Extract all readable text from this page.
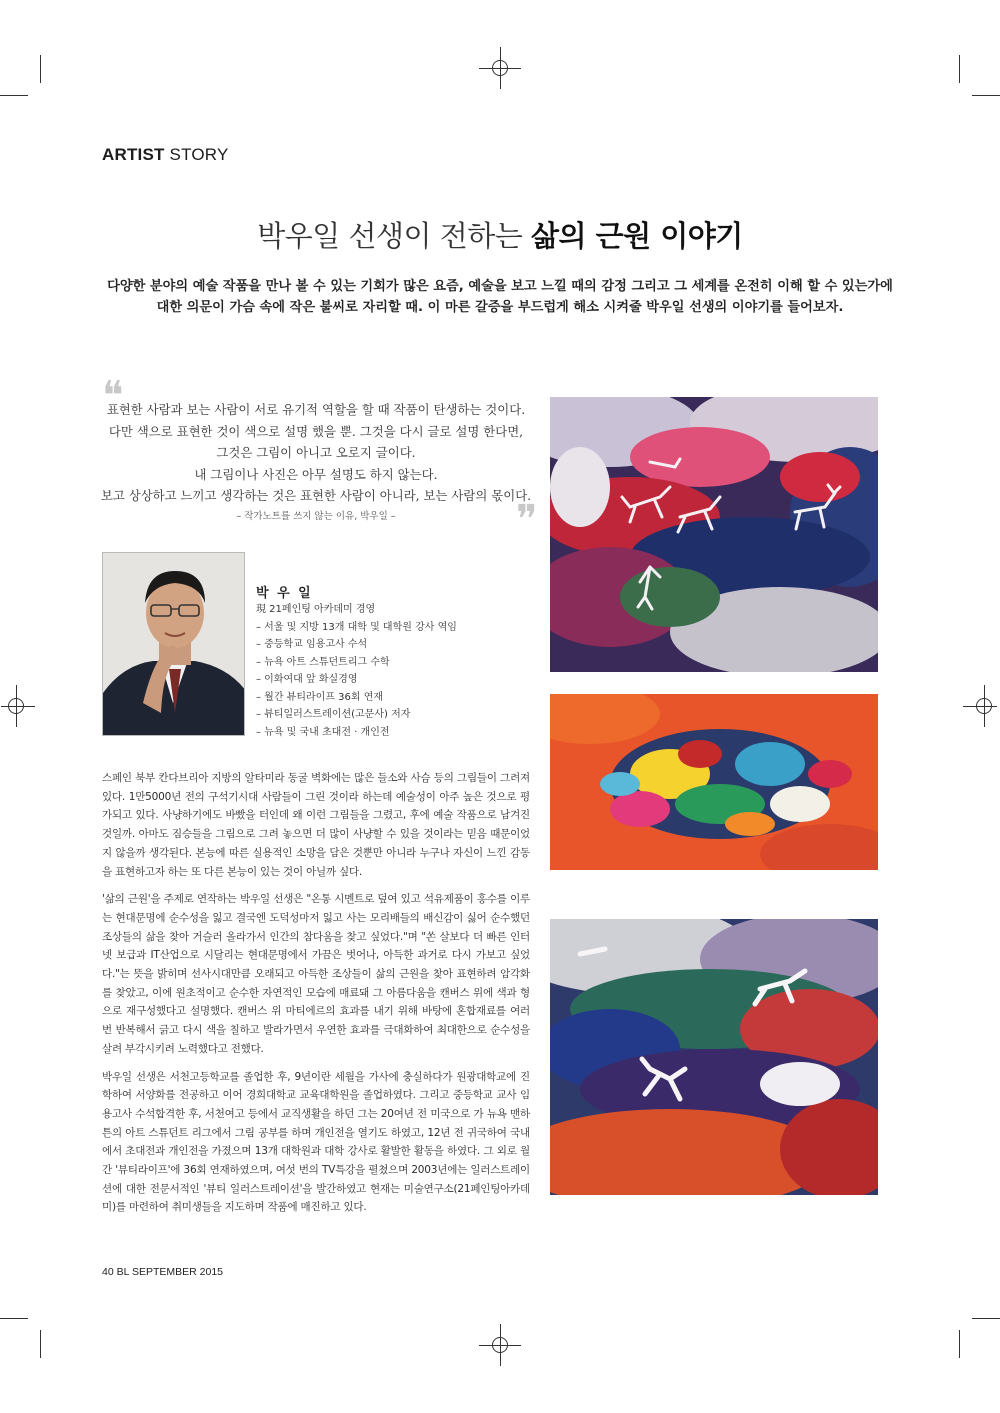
ARTIST STORY
박우일 선생이 전하는 삶의 근원 이야기
다양한 분야의 예술 작품을 만나 볼 수 있는 기회가 많은 요즘, 예술을 보고 느낄 때의 감정 그리고 그 세계를 온전히 이해 할 수 있는가에
대한 의문이 가슴 속에 작은 불씨로 자리할 때. 이 마른 갈증을 부드럽게 해소 시켜줄 박우일 선생의 이야기를 들어보자.
❝
표현한 사람과 보는 사람이 서로 유기적 역할을 할 때 작품이 탄생하는 것이다.
다만 색으로 표현한 것이 색으로 설명 했을 뿐. 그것을 다시 글로 설명 한다면,
그것은 그림이 아니고 오로지 글이다.
내 그림이나 사진은 아무 설명도 하지 않는다.
보고 상상하고 느끼고 생각하는 것은 표현한 사람이 아니라, 보는 사람의 몫이다.
– 작가노트를 쓰지 않는 이유, 박우일 –	❞
박 우 일
現 21페인팅 아카데미 경영
– 서울 및 지방 13개 대학 및 대학원 강사 역임
– 중등학교 임용고사 수석
– 뉴욕 아트 스튜던트리그 수학
– 이화여대 앞 화실경영
– 월간 뷰티라이프 36회 연재
– 뷰티일러스트레이션(고문사) 저자
– 뉴욕 및 국내 초대전 · 개인전

스페인 북부 칸다브리아 지방의 알타미라 동굴 벽화에는 많은 들소와 사슴 등의 그림들이 그려져 있다. 1만5000년 전의 구석기시대 사람들이 그린 것이라 하는데 예술성이 아주 높은 것으로 평가되고 있다. 사냥하기에도 바빴을 터인데 왜 이런 그림들을 그렸고, 후에 예술 작품으로 남겨진 것일까. 아마도 짐승들을 그림으로 그려 놓으면 더 많이 사냥할 수 있을 것이라는 믿음 때문이었지 않을까 생각된다. 본능에 따른 실용적인 소망을 담은 것뿐만 아니라 누구나 자신이 느낀 감동을 표현하고자 하는 또 다른 본능이 있는 것이 아닐까 싶다.

'삶의 근원'을 주제로 연작하는 박우일 선생은 "온통 시멘트로 덮여 있고 석유제품이 홍수를 이루는 현대문명에 순수성을 잃고 결국엔 도덕성마저 잃고 사는 모리배들의 배신감이 싫어 순수했던 조상들의 삶을 찾아 거슬러 올라가서 인간의 참다움을 찾고 싶었다."며 "쏜 살보다 더 빠른 인터넷 보급과 IT산업으로 시달리는 현대문명에서 가끔은 벗어나, 아득한 과거로 다시 가보고 싶었다."는 뜻을 밝히며 선사시대만큼 오래되고 아득한 조상들이 삶의 근원을 찾아 표현하려 암각화를 찾았고, 이에 원초적이고 순수한 자연적인 모습에 매료돼 그 아름다움을 캔버스 위에 색과 형으로 재구성했다고 설명했다. 캔버스 위 마티에르의 효과를 내기 위해 바탕에 혼합재료를 여러 번 반복해서 긁고 다시 색을 칠하고 발라가면서 우연한 효과를 극대화하여 최대한으로 순수성을 살려 부각시키려 노력했다고 전했다.

박우일 선생은 서천고등학교를 졸업한 후, 9년이란 세월을 가사에 충실하다가 원광대학교에 진학하여 서양화를 전공하고 이어 경희대학교 교육대학원을 졸업하였다. 그리고 중등학교 교사 임용고사 수석합격한 후, 서천여고 등에서 교직생활을 하던 그는 20여년 전 미국으로 가 뉴욕 맨하튼의 아트 스튜던트 리그에서 그림 공부를 하며 개인전을 열기도 하였고, 12년 전 귀국하여 국내에서 초대전과 개인전을 가졌으며 13개 대학원과 대학 강사로 활발한 활동을 하였다. 그 외로 월간 '뷰티라이프'에 36회 연재하였으며, 여섯 번의 TV특강을 펼쳤으며 2003년에는 일러스트레이션에 대한 전문서적인 '뷰티 일러스트레이션'을 발간하였고 현재는 미술연구소(21페인팅아카데미)를 마련하여 취미생들을 지도하며 작품에 매진하고 있다.

40 BL SEPTEMBER 2015
